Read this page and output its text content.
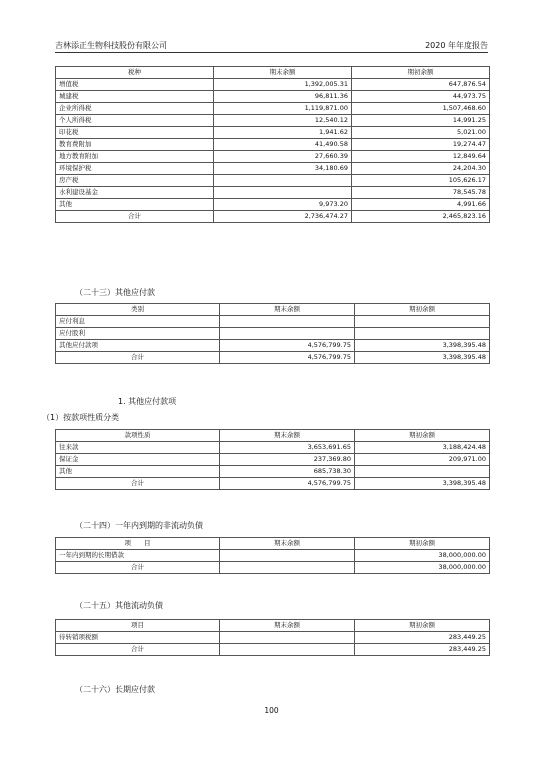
吉林添正生物科技股份有限公司	2020 年年度报告
税种	期末余额	期初余额
增值税	1,392,005.31	647,876.54
城建税	96,811.36	44,973.75
企业所得税	1,119,871.00	1,507,468.60
个人所得税	12,540.12	14,991.25
印花税	1,941.62	5,021.00
教育费附加	41,490.58	19,274.47
地方教育附加	27,660.39	12,849.64
环境保护税	34,180.69	24,204.30
房产税		105,626.17
水利建设基金		78,545.78
其他	9,973.20	4,991.66
合计	2,736,474.27	2,465,823.16
（二十三）其他应付款
类别	期末余额	期初余额
应付利息		
应付股利		
其他应付款项	4,576,799.75	3,398,395.48
合计	4,576,799.75	3,398,395.48
1. 其他应付款项
（1）按款项性质分类
款项性质	期末余额	期初余额
往来款	3,653,691.65	3,188,424.48
保证金	237,369.80	209,971.00
其他	685,738.30	
合计	4,576,799.75	3,398,395.48
（二十四）一年内到期的非流动负债
项　　目	期末余额	期初余额
一年内到期的长期借款		38,000,000.00
合计		38,000,000.00
（二十五）其他流动负债
项目	期末余额	期初余额
待转销项税额		283,449.25
合计		283,449.25
（二十六）长期应付款
100
